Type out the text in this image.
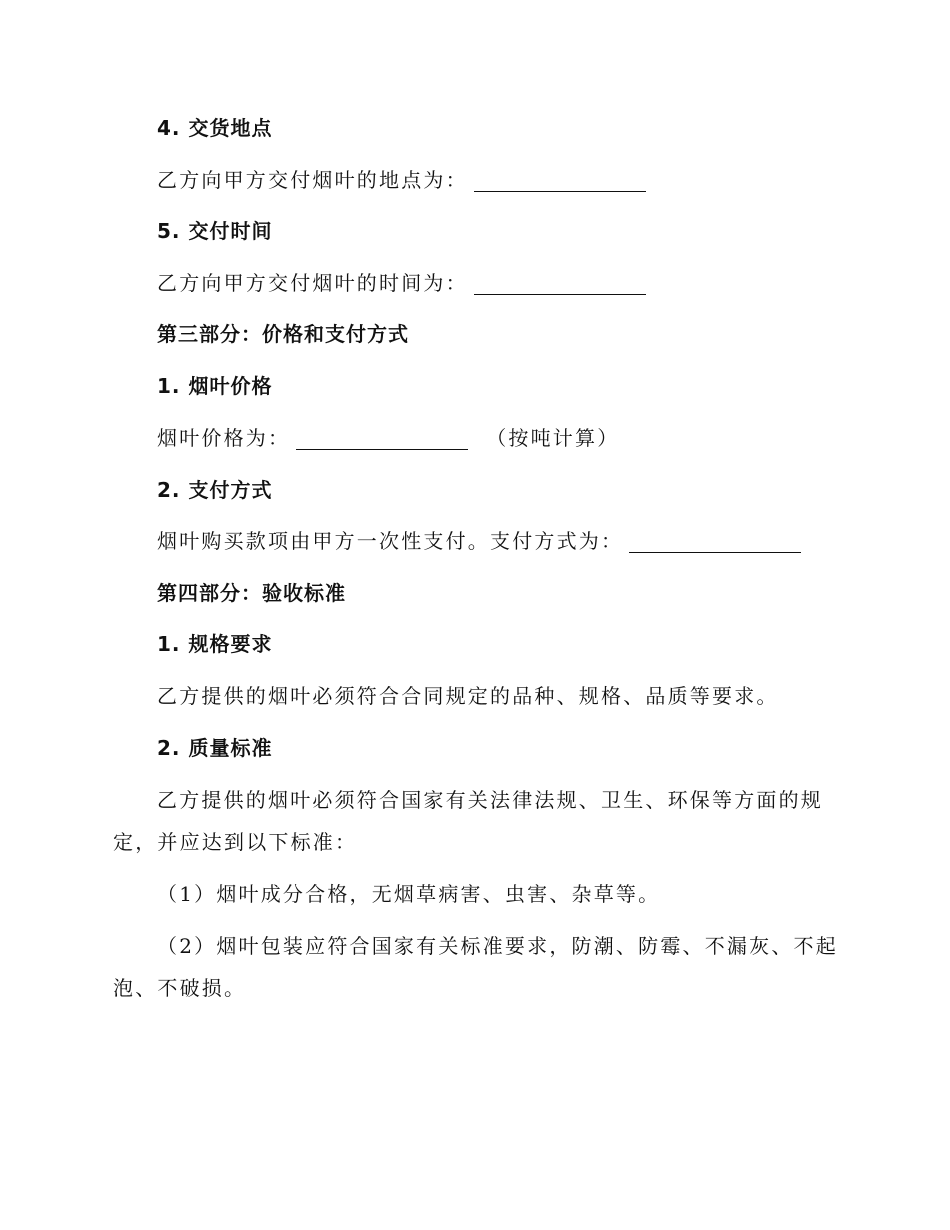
4. 交货地点
乙方向甲方交付烟叶的地点为：
5. 交付时间
乙方向甲方交付烟叶的时间为：
第三部分：价格和支付方式
1. 烟叶价格
烟叶价格为：	（按吨计算）
2. 支付方式
烟叶购买款项由甲方一次性支付。支付方式为：
第四部分：验收标准
1. 规格要求
乙方提供的烟叶必须符合合同规定的品种、规格、品质等要求。
2. 质量标准
乙方提供的烟叶必须符合国家有关法律法规、卫生、环保等方面的规
定，并应达到以下标准：
（1）烟叶成分合格，无烟草病害、虫害、杂草等。
（2）烟叶包装应符合国家有关标准要求，防潮、防霉、不漏灰、不起
泡、不破损。
